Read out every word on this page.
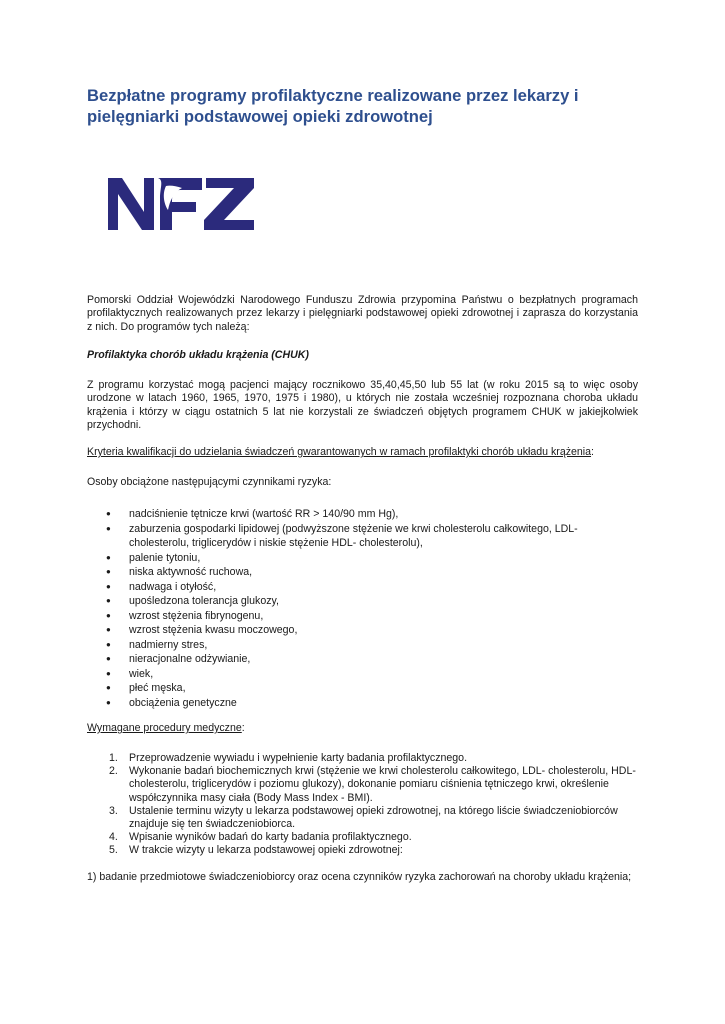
Bezpłatne programy profilaktyczne realizowane przez lekarzy i pielęgniarki podstawowej opieki zdrowotnej

Pomorski Oddział Wojewódzki Narodowego Funduszu Zdrowia przypomina Państwu o bezpłatnych programach profilaktycznych realizowanych przez lekarzy i pielęgniarki podstawowej opieki zdrowotnej i zaprasza do korzystania z nich. Do programów tych należą:

Profilaktyka chorób układu krążenia (CHUK)

Z programu korzystać mogą pacjenci mający rocznikowo 35,40,45,50 lub 55 lat (w roku 2015 są to więc osoby urodzone w latach 1960, 1965, 1970, 1975 i 1980), u których nie została wcześniej rozpoznana choroba układu krążenia i którzy w ciągu ostatnich 5 lat nie korzystali ze świadczeń objętych programem CHUK w jakiejkolwiek przychodni.

Kryteria kwalifikacji do udzielania świadczeń gwarantowanych w ramach profilaktyki chorób układu krążenia:

Osoby obciążone następującymi czynnikami ryzyka:

● nadciśnienie tętnicze krwi (wartość RR > 140/90 mm Hg),
● zaburzenia gospodarki lipidowej (podwyższone stężenie we krwi cholesterolu całkowitego, LDL- cholesterolu, triglicerydów i niskie stężenie HDL- cholesterolu),
● palenie tytoniu,
● niska aktywność ruchowa,
● nadwaga i otyłość,
● upośledzona tolerancja glukozy,
● wzrost stężenia fibrynogenu,
● wzrost stężenia kwasu moczowego,
● nadmierny stres,
● nieracjonalne odżywianie,
● wiek,
● płeć męska,
● obciążenia genetyczne

Wymagane procedury medyczne:

1. Przeprowadzenie wywiadu i wypełnienie karty badania profilaktycznego.
2. Wykonanie badań biochemicznych krwi (stężenie we krwi cholesterolu całkowitego, LDL- cholesterolu, HDL- cholesterolu, triglicerydów i poziomu glukozy), dokonanie pomiaru ciśnienia tętniczego krwi, określenie współczynnika masy ciała (Body Mass Index - BMI).
3. Ustalenie terminu wizyty u lekarza podstawowej opieki zdrowotnej, na którego liście świadczeniobiorców znajduje się ten świadczeniobiorca.
4. Wpisanie wyników badań do karty badania profilaktycznego.
5. W trakcie wizyty u lekarza podstawowej opieki zdrowotnej:

1) badanie przedmiotowe świadczeniobiorcy oraz ocena czynników ryzyka zachorowań na choroby układu krążenia;
